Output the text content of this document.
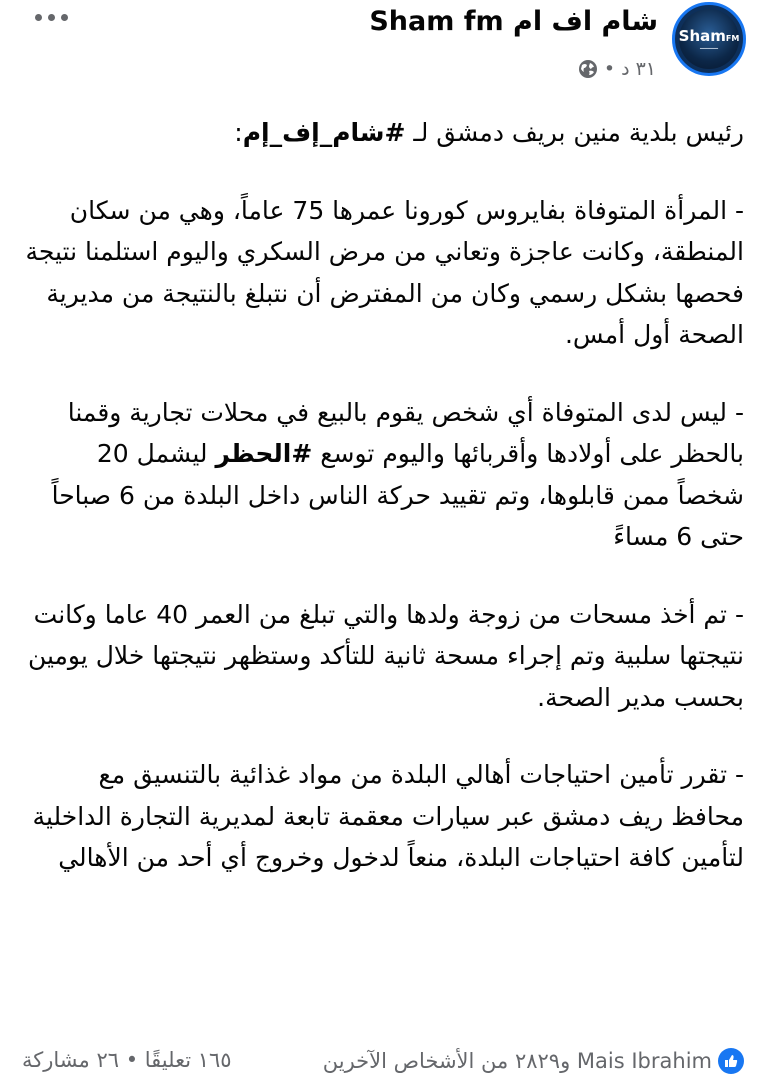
شام اف ام Sham fm
٣١ د
•
ShamFM
━━━━━━

رئيس بلدية منين بريف دمشق لـ #شام_إف_إم:

- المرأة المتوفاة بفايروس كورونا عمرها 75 عاماً، وهي من سكان المنطقة، وكانت عاجزة وتعاني من مرض السكري واليوم استلمنا نتيجة فحصها بشكل رسمي وكان من المفترض أن نتبلغ بالنتيجة من مديرية الصحة أول أمس.

- ليس لدى المتوفاة أي شخص يقوم بالبيع في محلات تجارية وقمنا بالحظر على أولادها وأقربائها واليوم توسع #الحظر ليشمل 20 شخصاً ممن قابلوها، وتم تقييد حركة الناس داخل البلدة من 6 صباحاً حتى 6 مساءً

- تم أخذ مسحات من زوجة ولدها والتي تبلغ من العمر 40 عاما وكانت نتيجتها سلبية وتم إجراء مسحة ثانية للتأكد وستظهر نتيجتها خلال يومين بحسب مدير الصحة.

- تقرر تأمين احتياجات أهالي البلدة من مواد غذائية بالتنسيق مع محافظ ريف دمشق عبر سيارات معقمة تابعة لمديرية التجارة الداخلية لتأمين كافة احتياجات البلدة، منعاً لدخول وخروج أي أحد من الأهالي

Mais Ibrahim و٢٨٢٩ من الأشخاص الآخرين
١٦٥ تعليقًا • ٢٦ مشاركة
